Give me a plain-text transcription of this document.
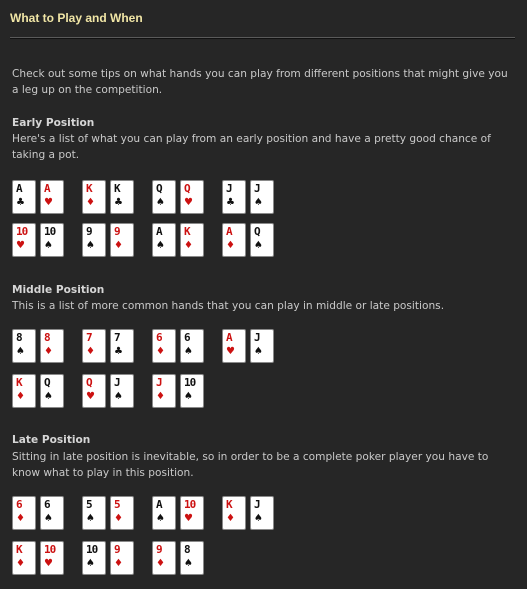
What to Play and When

Check out some tips on what hands you can play from different positions that might give you a leg up on the competition.

Early Position

Here's a list of what you can play from an early position and have a pretty good chance of taking a pot.

A
♣
A
♥
K
♦
K
♣
Q
♠
Q
♥
J
♣
J
♠
10
♥
10
♠
9
♠
9
♦
A
♠
K
♦
A
♦
Q
♠
Middle Position

This is a list of more common hands that you can play in middle or late positions.

8
♠
8
♦
7
♦
7
♣
6
♦
6
♠
A
♥
J
♠
K
♦
Q
♠
Q
♥
J
♠
J
♦
10
♠
Late Position

Sitting in late position is inevitable, so in order to be a complete poker player you have to know what to play in this position.

6
♦
6
♠
5
♠
5
♦
A
♠
10
♥
K
♦
J
♠
K
♦
10
♥
10
♠
9
♦
9
♦
8
♠
